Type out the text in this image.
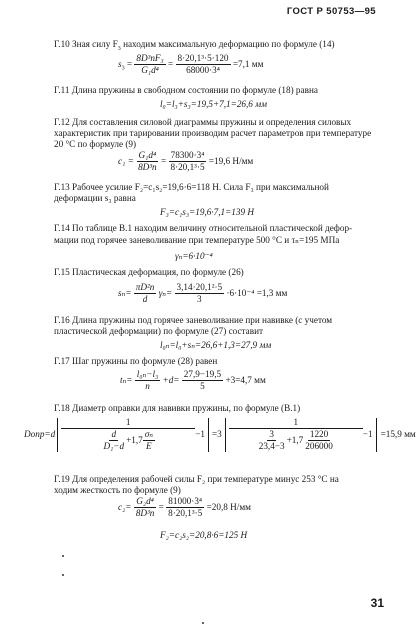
ГОСТ Р 50753—95
Г.10 Зная силу $F_3$ находим максимальную деформацию по формуле (14)
$s_3 = \frac{\text{8D³nF₃}}{\text{G₁d⁴}} = \frac{\text{8·20,1³·5·120}}{\text{68000·3⁴}} =7,1$ мм
Г.11 Длина пружины в свободном состоянии по формуле (18) равна
l₀=l₃+s₃=19,5+7,1=26,6 мм
Г.12 Для составления силовой диаграммы пружины и определения силовых
характеристик при тарировании производим расчет параметров при температуре
20 °С по формуле (9)
$c_1 = \frac{\text{G₁d⁴}}{\text{8D³n}} = \frac{\text{78300·3⁴}}{\text{8·20,1³·5}} =19,6$ Н/мм
Г.13 Рабочее усилие F₂=c₁s₂=19,6·6=118 Н. Сила F₃ при максимальной
деформации s₃ равна
F₃=c₁s₃=19,6·7,1=139 Н
Г.14 По таблице В.1 находим величину относительной пластической дефор-
мации под горячее заневоливание при температуре 500 °С и τₙ=195 МПа
γₙ=6·10⁻⁴
Г.15 Пластическая деформация, по формуле (26)
$s_n= \frac{\text{πD²n}}{d} \gamma_n= \frac{\text{3,14·20,1²·5}}{3} \cdot 6\cdot 10^{-4} =1,3$ мм
Г.16 Длина пружины под горячее заневоливание при навивке (с учетом
пластической деформации) по формуле (27) составит
l₀ₙ=l₀+sₙ=26,6+1,3=27,9 мм
Г.17 Шаг пружины по формуле (28) равен
$t_n= \frac{\text{l₀ₙ−l₃}}{n} +d= \frac{27,9-19,5}{5} +3=4,7$ мм
Г.18 Диаметр оправки для навивки пружины, по формуле (В.1)
Dопр=d $\frac{1}{\frac{d}{\text{D₁−d}} +1,7 \frac{\text{σₙ}}{E}} -1 =3 \frac{1}{\frac{3}{23,4-3} +1,7 \frac{1220}{206000}} -1 =15,9$ мм
Г.19 Для определения рабочей силы F₂ при температуре минус 253 °С на
ходим жесткость по формуле (9)
$c_2= \frac{\text{G₂d⁴}}{\text{8D³n}} = \frac{\text{81000·3⁴}}{\text{8·20,1³·5}} =20,8$ Н/мм
F₂=c₂s₂=20,8·6=125 Н
31
